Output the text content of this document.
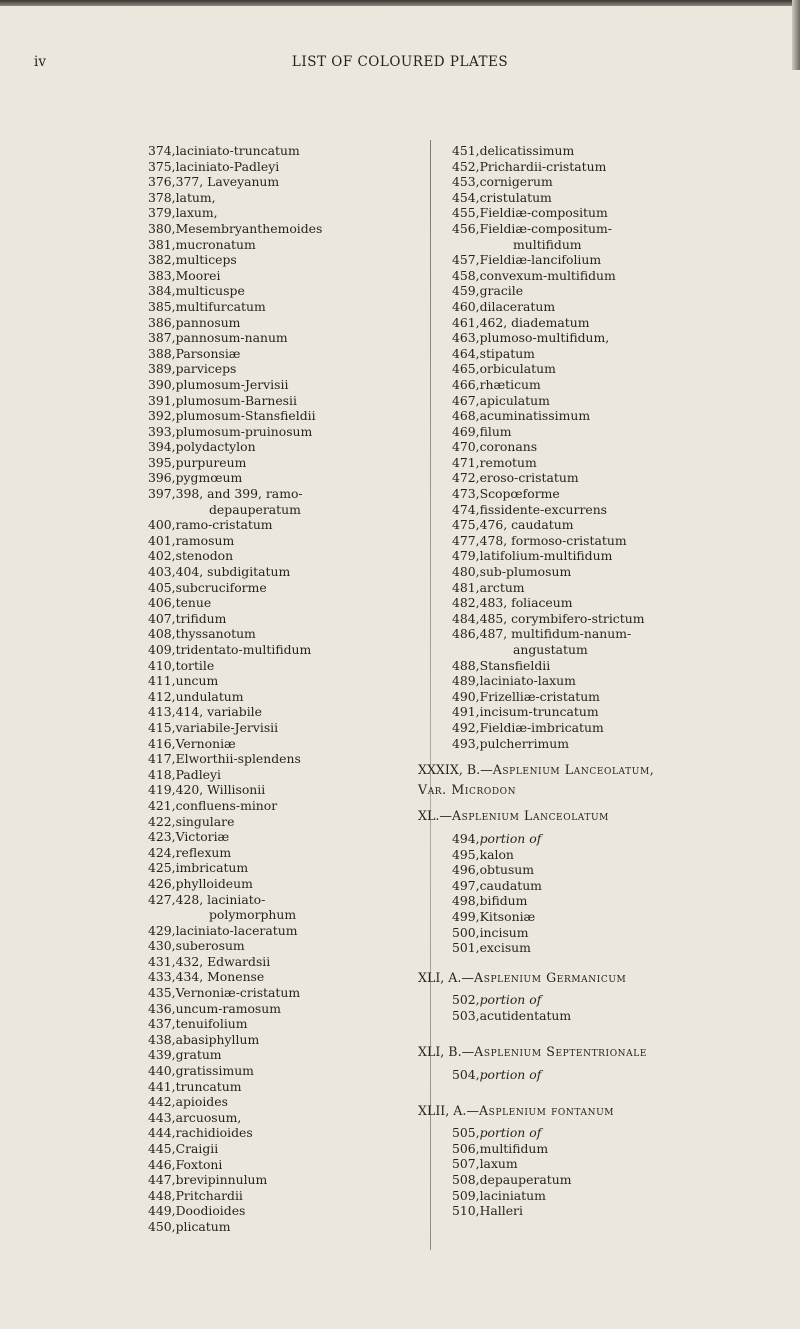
iv	LIST OF COLOURED PLATES
374,laciniato-truncatum
375,laciniato-Padleyi
376,377, Laveyanum
378,latum,
379,laxum,
380,Mesembryanthemoides
381,mucronatum
382,multiceps
383,Moorei
384,multicuspe
385,multifurcatum
386,pannosum
387,pannosum-nanum
388,Parsonsiæ
389,parviceps
390,plumosum-Jervisii
391,plumosum-Barnesii
392,plumosum-Stansfieldii
393,plumosum-pruinosum
394,polydactylon
395,purpureum
396,pygmœum
397,398, and 399, ramo-
depauperatum
400,ramo-cristatum
401,ramosum
402,stenodon
403,404, subdigitatum
405,subcruciforme
406,tenue
407,trifidum
408,thyssanotum
409,tridentato-multifidum
410,tortile
411,uncum
412,undulatum
413,414, variabile
415,variabile-Jervisii
416,Vernoniæ
417,Elworthii-splendens
418,Padleyi
419,420, Willisonii
421,confluens-minor
422,singulare
423,Victoriæ
424,reflexum
425,imbricatum
426,phylloideum
427,428, laciniato-
polymorphum
429,laciniato-laceratum
430,suberosum
431,432, Edwardsii
433,434, Monense
435,Vernoniæ-cristatum
436,uncum-ramosum
437,tenuifolium
438,abasiphyllum
439,gratum
440,gratissimum
441,truncatum
442,apioides
443,arcuosum,
444,rachidioides
445,Craigii
446,Foxtoni
447,brevipinnulum
448,Pritchardii
449,Doodioides
450,plicatum
451,delicatissimum
452,Prichardii-cristatum
453,cornigerum
454,cristulatum
455,Fieldiæ-compositum
456,Fieldiæ-compositum-
multifidum
457,Fieldiæ-lancifolium
458,convexum-multifidum
459,gracile
460,dilaceratum
461,462, diadematum
463,plumoso-multifidum,
464,stipatum
465,orbiculatum
466,rhæticum
467,apiculatum
468,acuminatissimum
469,filum
470,coronans
471,remotum
472,eroso-cristatum
473,Scopœforme
474,fissidente-excurrens
475,476, caudatum
477,478, formoso-cristatum
479,latifolium-multifidum
480,sub-plumosum
481,arctum
482,483, foliaceum
484,485, corymbifero-strictum
486,487, multifidum-nanum-
angustatum
488,Stansfieldii
489,laciniato-laxum
490,Frizelliæ-cristatum
491,incisum-truncatum
492,Fieldiæ-imbricatum
493,pulcherrimum
XXXIX, B.—Asplenium Lanceolatum,
Var. Microdon
XL.—Asplenium Lanceolatum
494,portion of
495,kalon
496,obtusum
497,caudatum
498,bifidum
499,Kitsoniæ
500,incisum
501,excisum
XLI, A.—Asplenium Germanicum
502,portion of
503,acutidentatum
XLI, B.—Asplenium Septentrionale
504,portion of
XLII, A.—Asplenium fontanum
505,portion of
506,multifidum
507,laxum
508,depauperatum
509,laciniatum
510,Halleri
